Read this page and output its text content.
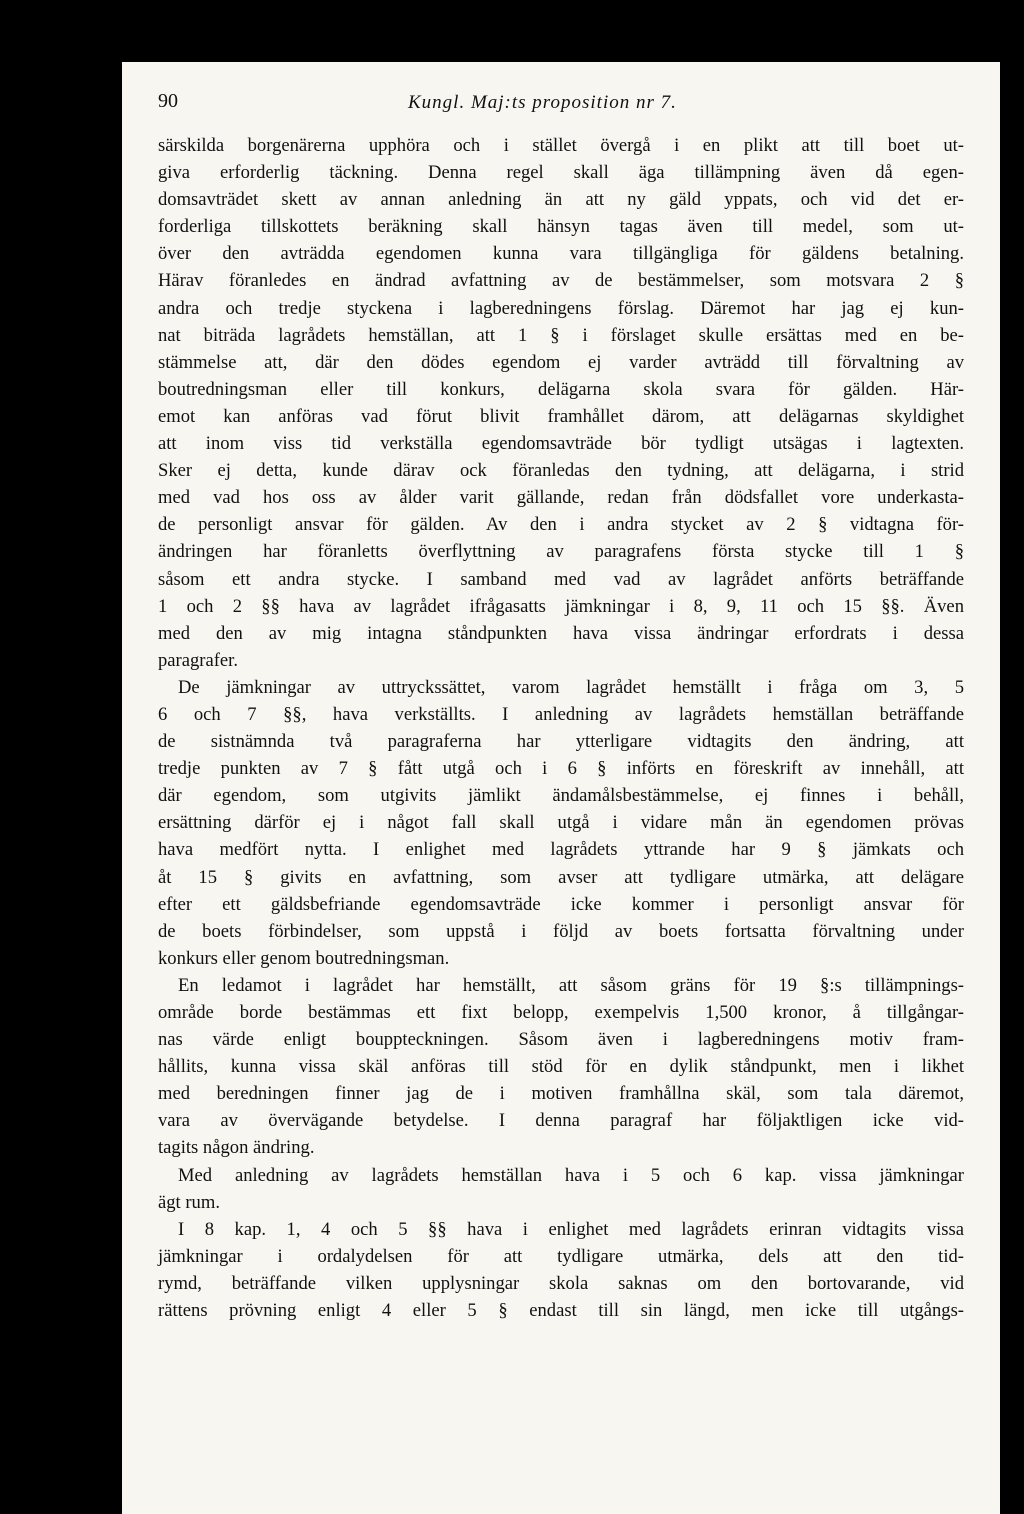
90	Kungl. Maj:ts proposition nr 7.
särskilda borgenärerna upphöra och i stället övergå i en plikt att till boet ut-
giva erforderlig täckning. Denna regel skall äga tillämpning även då egen-
domsavträdet skett av annan anledning än att ny gäld yppats, och vid det er-
forderliga tillskottets beräkning skall hänsyn tagas även till medel, som ut-
över den avträdda egendomen kunna vara tillgängliga för gäldens betalning.
Härav föranledes en ändrad avfattning av de bestämmelser, som motsvara 2 §
andra och tredje styckena i lagberedningens förslag. Däremot har jag ej kun-
nat biträda lagrådets hemställan, att 1 § i förslaget skulle ersättas med en be-
stämmelse att, där den dödes egendom ej varder avträdd till förvaltning av
boutredningsman eller till konkurs, delägarna skola svara för gälden. Här-
emot kan anföras vad förut blivit framhållet därom, att delägarnas skyldighet
att inom viss tid verkställa egendomsavträde bör tydligt utsägas i lagtexten.
Sker ej detta, kunde därav ock föranledas den tydning, att delägarna, i strid
med vad hos oss av ålder varit gällande, redan från dödsfallet vore underkasta-
de personligt ansvar för gälden. Av den i andra stycket av 2 § vidtagna för-
ändringen har föranletts överflyttning av paragrafens första stycke till 1 §
såsom ett andra stycke. I samband med vad av lagrådet anförts beträffande
1 och 2 §§ hava av lagrådet ifrågasatts jämkningar i 8, 9, 11 och 15 §§. Även
med den av mig intagna ståndpunkten hava vissa ändringar erfordrats i dessa
paragrafer.
De jämkningar av uttryckssättet, varom lagrådet hemställt i fråga om 3, 5
6 och 7 §§, hava verkställts. I anledning av lagrådets hemställan beträffande
de sistnämnda två paragraferna har ytterligare vidtagits den ändring, att
tredje punkten av 7 § fått utgå och i 6 § införts en föreskrift av innehåll, att
där egendom, som utgivits jämlikt ändamålsbestämmelse, ej finnes i behåll,
ersättning därför ej i något fall skall utgå i vidare mån än egendomen prövas
hava medfört nytta. I enlighet med lagrådets yttrande har 9 § jämkats och
åt 15 § givits en avfattning, som avser att tydligare utmärka, att delägare
efter ett gäldsbefriande egendomsavträde icke kommer i personligt ansvar för
de boets förbindelser, som uppstå i följd av boets fortsatta förvaltning under
konkurs eller genom boutredningsman.
En ledamot i lagrådet har hemställt, att såsom gräns för 19 §:s tillämpnings-
område borde bestämmas ett fixt belopp, exempelvis 1,500 kronor, å tillgångar-
nas värde enligt bouppteckningen. Såsom även i lagberedningens motiv fram-
hållits, kunna vissa skäl anföras till stöd för en dylik ståndpunkt, men i likhet
med beredningen finner jag de i motiven framhållna skäl, som tala däremot,
vara av övervägande betydelse. I denna paragraf har följaktligen icke vid-
tagits någon ändring.
Med anledning av lagrådets hemställan hava i 5 och 6 kap. vissa jämkningar
ägt rum.
I 8 kap. 1, 4 och 5 §§ hava i enlighet med lagrådets erinran vidtagits vissa
jämkningar i ordalydelsen för att tydligare utmärka, dels att den tid-
rymd, beträffande vilken upplysningar skola saknas om den bortovarande, vid
rättens prövning enligt 4 eller 5 § endast till sin längd, men icke till utgångs-
